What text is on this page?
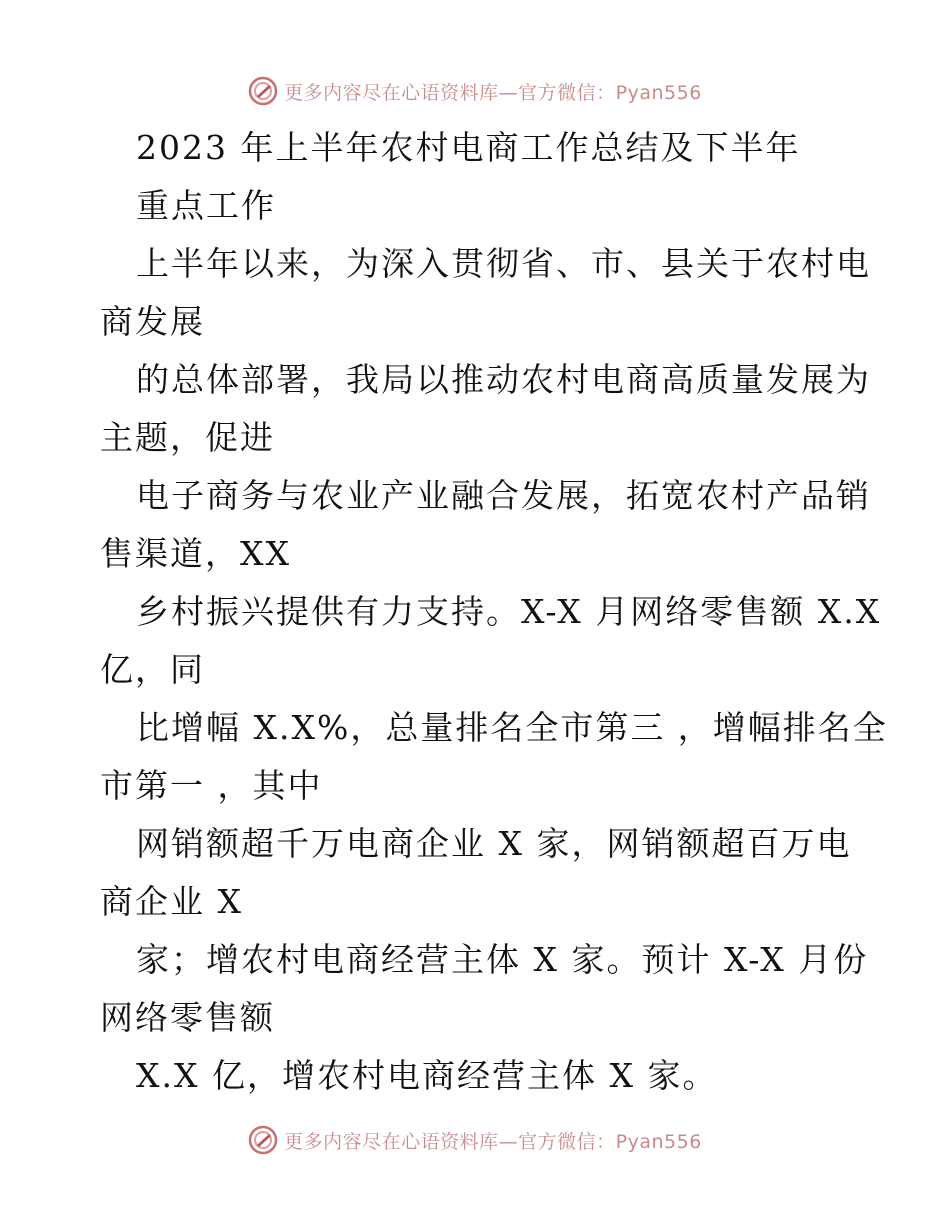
更多内容尽在心语资料库—官方微信：Pyan556
2023 年上半年农村电商工作总结及下半年
重点工作
上半年以来，为深入贯彻省、市、县关于农村电
商发展
的总体部署，我局以推动农村电商高质量发展为
主题，促进
电子商务与农业产业融合发展，拓宽农村产品销
售渠道，XX
乡村振兴提供有力支持。X-X 月网络零售额 X.X
亿，同
比增幅 X.X%，总量排名全市第三 ，增幅排名全
市第一 ，其中
网销额超千万电商企业 X 家，网销额超百万电
商企业 X
家；增农村电商经营主体 X 家。预计 X-X 月份
网络零售额
X.X 亿，增农村电商经营主体 X 家。
更多内容尽在心语资料库—官方微信：Pyan556
